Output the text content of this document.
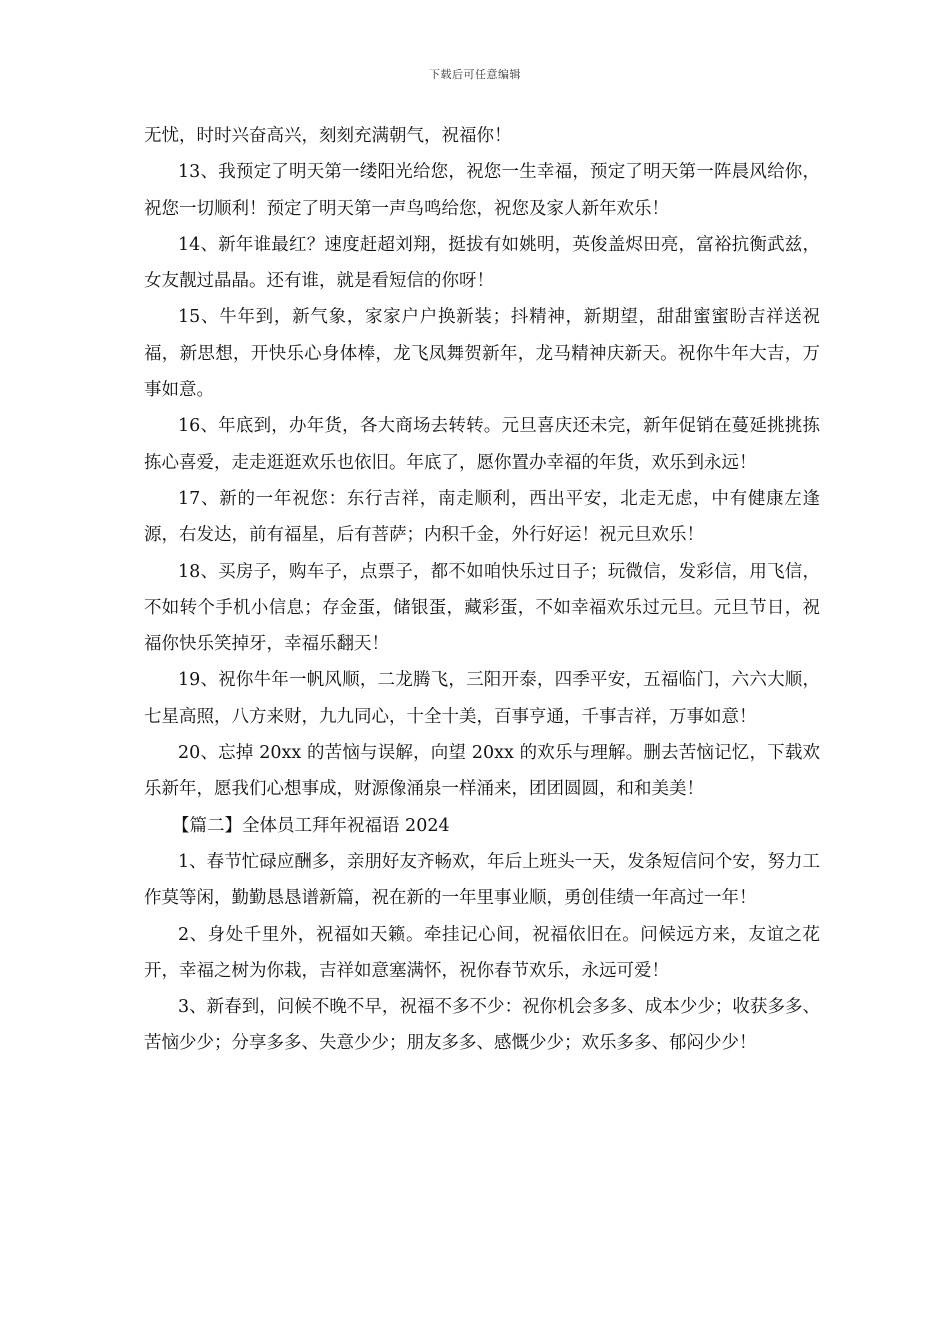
下载后可任意编辑

无忧，时时兴奋高兴，刻刻充满朝气，祝福你！

13、我预定了明天第一缕阳光给您，祝您一生幸福，预定了明天第一阵晨风给你，祝您一切顺利！预定了明天第一声鸟鸣给您，祝您及家人新年欢乐！

14、新年谁最红？速度赶超刘翔，挺拔有如姚明，英俊盖烬田亮，富裕抗衡武兹，女友靓过晶晶。还有谁，就是看短信的你呀！

15、牛年到，新气象，家家户户换新装；抖精神，新期望，甜甜蜜蜜盼吉祥送祝福，新思想，开快乐心身体棒，龙飞凤舞贺新年，龙马精神庆新天。祝你牛年大吉，万事如意。

16、年底到，办年货，各大商场去转转。元旦喜庆还未完，新年促销在蔓延挑挑拣拣心喜爱，走走逛逛欢乐也依旧。年底了，愿你置办幸福的年货，欢乐到永远！

17、新的一年祝您：东行吉祥，南走顺利，西出平安，北走无虑，中有健康左逢源，右发达，前有福星，后有菩萨；内积千金，外行好运！祝元旦欢乐！

18、买房子，购车子，点票子，都不如咱快乐过日子；玩微信，发彩信，用飞信，不如转个手机小信息；存金蛋，储银蛋，藏彩蛋，不如幸福欢乐过元旦。元旦节日，祝福你快乐笑掉牙，幸福乐翻天！

19、祝你牛年一帆风顺，二龙腾飞，三阳开泰，四季平安，五福临门，六六大顺，七星高照，八方来财，九九同心，十全十美，百事亨通，千事吉祥，万事如意！

20、忘掉 20xx 的苦恼与误解，向望 20xx 的欢乐与理解。删去苦恼记忆，下载欢乐新年，愿我们心想事成，财源像涌泉一样涌来，团团圆圆，和和美美！

【篇二】全体员工拜年祝福语 2024

1、春节忙碌应酬多，亲朋好友齐畅欢，年后上班头一天，发条短信问个安，努力工作莫等闲，勤勤恳恳谱新篇，祝在新的一年里事业顺，勇创佳绩一年高过一年！

2、身处千里外，祝福如天籁。牵挂记心间，祝福依旧在。问候远方来，友谊之花开，幸福之树为你栽，吉祥如意塞满怀，祝你春节欢乐，永远可爱！

3、新春到，问候不晚不早，祝福不多不少：祝你机会多多、成本少少；收获多多、苦恼少少；分享多多、失意少少；朋友多多、感慨少少；欢乐多多、郁闷少少！
